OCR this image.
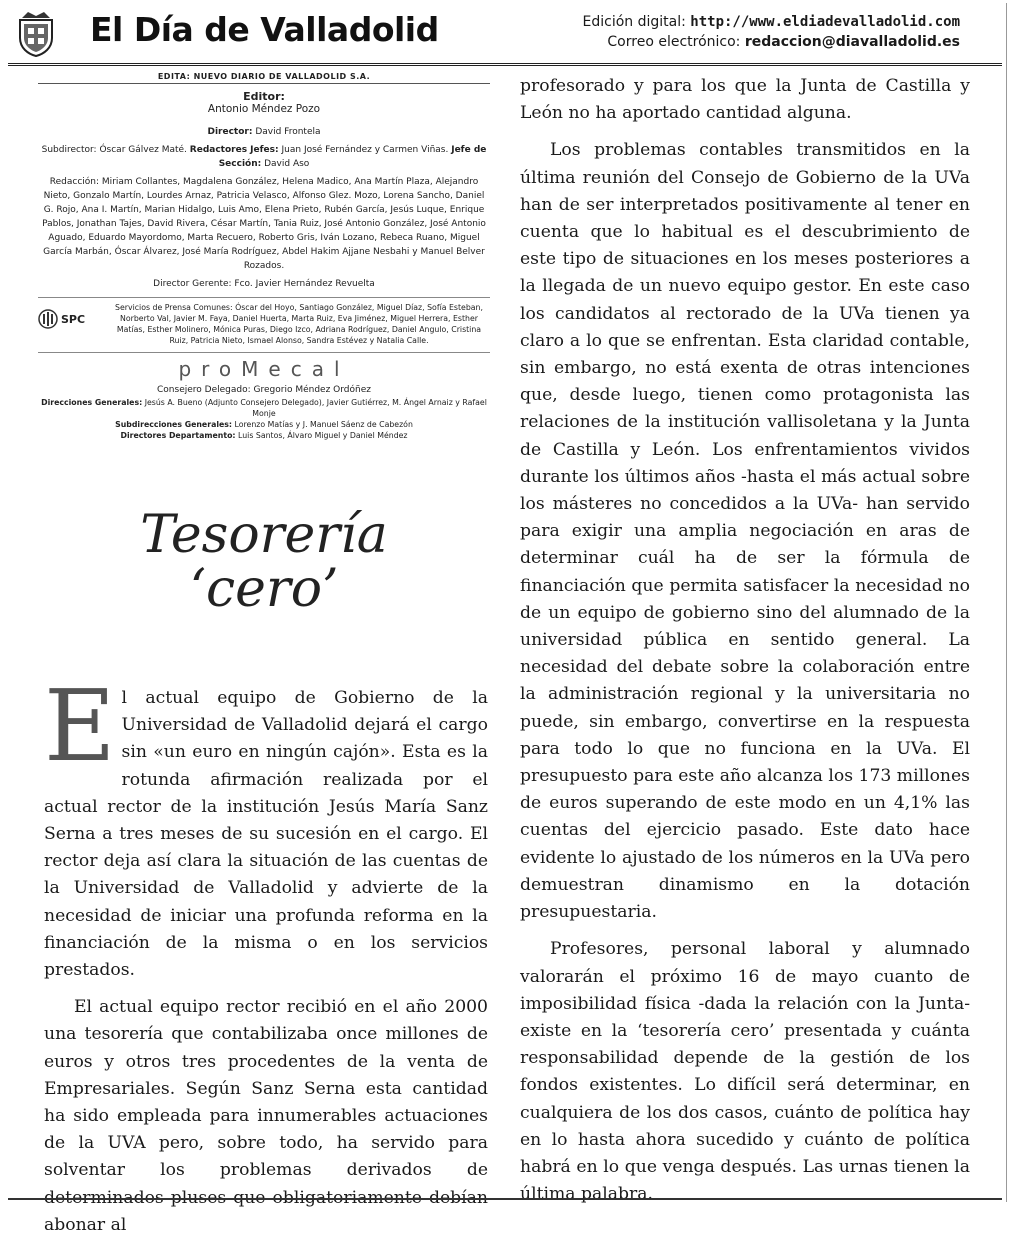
El Día de Valladolid	Edición digital: http://www.eldiadevalladolid.com
Correo electrónico: redaccion@diavalladolid.es
EDITA: NUEVO DIARIO DE VALLADOLID S.A.
Editor:
Antonio Méndez Pozo

Director: David Frontela

Subdirector: Óscar Gálvez Maté. Redactores Jefes: Juan José Fernández y Carmen Viñas. Jefe de Sección: David Aso

Redacción: Miriam Collantes, Magdalena González, Helena Madico, Ana Martín Plaza, Alejandro Nieto, Gonzalo Martín, Lourdes Arnaz, Patricia Velasco, Alfonso Glez. Mozo, Lorena Sancho, Daniel G. Rojo, Ana I. Martín, Marian Hidalgo, Luis Amo, Elena Prieto, Rubén García, Jesús Luque, Enrique Pablos, Jonathan Tajes, David Rivera, César Martín, Tania Ruiz, José Antonio González, José Antonio Aguado, Eduardo Mayordomo, Marta Recuero, Roberto Gris, Iván Lozano, Rebeca Ruano, Miguel García Marbán, Óscar Álvarez, José María Rodríguez, Abdel Hakim Ajjane Nesbahi y Manuel Belver Rozados.

Director Gerente: Fco. Javier Hernández Revuelta

SPC

Servicios de Prensa Comunes: Óscar del Hoyo, Santiago González, Miguel Díaz, Sofía Esteban, Norberto Val, Javier M. Faya, Daniel Huerta, Marta Ruiz, Eva Jiménez, Miguel Herrera, Esther Matías, Esther Molinero, Mónica Puras, Diego Izco, Adriana Rodríguez, Daniel Angulo, Cristina Ruiz, Patricia Nieto, Ismael Alonso, Sandra Estévez y Natalia Calle.

proMecal

Consejero Delegado: Gregorio Méndez Ordóñez

Direcciones Generales: Jesús A. Bueno (Adjunto Consejero Delegado), Javier Gutiérrez, M. Ángel Arnaiz y Rafael Monje

Subdirecciones Generales: Lorenzo Matías y J. Manuel Sáenz de Cabezón

Directores Departamento: Luis Santos, Álvaro Miguel y Daniel Méndez

Tesorería
‘cero’

El actual equipo de Gobierno de la Universidad de Valladolid dejará el cargo sin «un euro en ningún cajón». Esta es la rotunda afirmación realizada por el actual rector de la institución Jesús María Sanz Serna a tres meses de su sucesión en el cargo. El rector deja así clara la situación de las cuentas de la Universidad de Valladolid y advierte de la necesidad de iniciar una profunda reforma en la financiación de la misma o en los servicios prestados.

El actual equipo rector recibió en el año 2000 una tesorería que contabilizaba once millones de euros y otros tres procedentes de la venta de Empresariales. Según Sanz Serna esta cantidad ha sido empleada para innumerables actuaciones de la UVA pero, sobre todo, ha servido para solventar los problemas derivados de determinados pluses que obligatoriamente debían abonar al

profesorado y para los que la Junta de Castilla y León no ha aportado cantidad alguna.

Los problemas contables transmitidos en la última reunión del Consejo de Gobierno de la UVa han de ser interpretados positivamente al tener en cuenta que lo habitual es el descubrimiento de este tipo de situaciones en los meses posteriores a la llegada de un nuevo equipo gestor. En este caso los candidatos al rectorado de la UVa tienen ya claro a lo que se enfrentan. Esta claridad contable, sin embargo, no está exenta de otras intenciones que, desde luego, tienen como protagonista las relaciones de la institución vallisoletana y la Junta de Castilla y León. Los enfrentamientos vividos durante los últimos años -hasta el más actual sobre los másteres no concedidos a la UVa- han servido para exigir una amplia negociación en aras de determinar cuál ha de ser la fórmula de financiación que permita satisfacer la necesidad no de un equipo de gobierno sino del alumnado de la universidad pública en sentido general. La necesidad del debate sobre la colaboración entre la administración regional y la universitaria no puede, sin embargo, convertirse en la respuesta para todo lo que no funciona en la UVa. El presupuesto para este año alcanza los 173 millones de euros superando de este modo en un 4,1% las cuentas del ejercicio pasado. Este dato hace evidente lo ajustado de los números en la UVa pero demuestran dinamismo en la dotación presupuestaria.

Profesores, personal laboral y alumnado valorarán el próximo 16 de mayo cuanto de imposibilidad física -dada la relación con la Junta- existe en la ‘tesorería cero’ presentada y cuánta responsabilidad depende de la gestión de los fondos existentes. Lo difícil será determinar, en cualquiera de los dos casos, cuánto de política hay en lo hasta ahora sucedido y cuánto de política habrá en lo que venga después. Las urnas tienen la última palabra.
